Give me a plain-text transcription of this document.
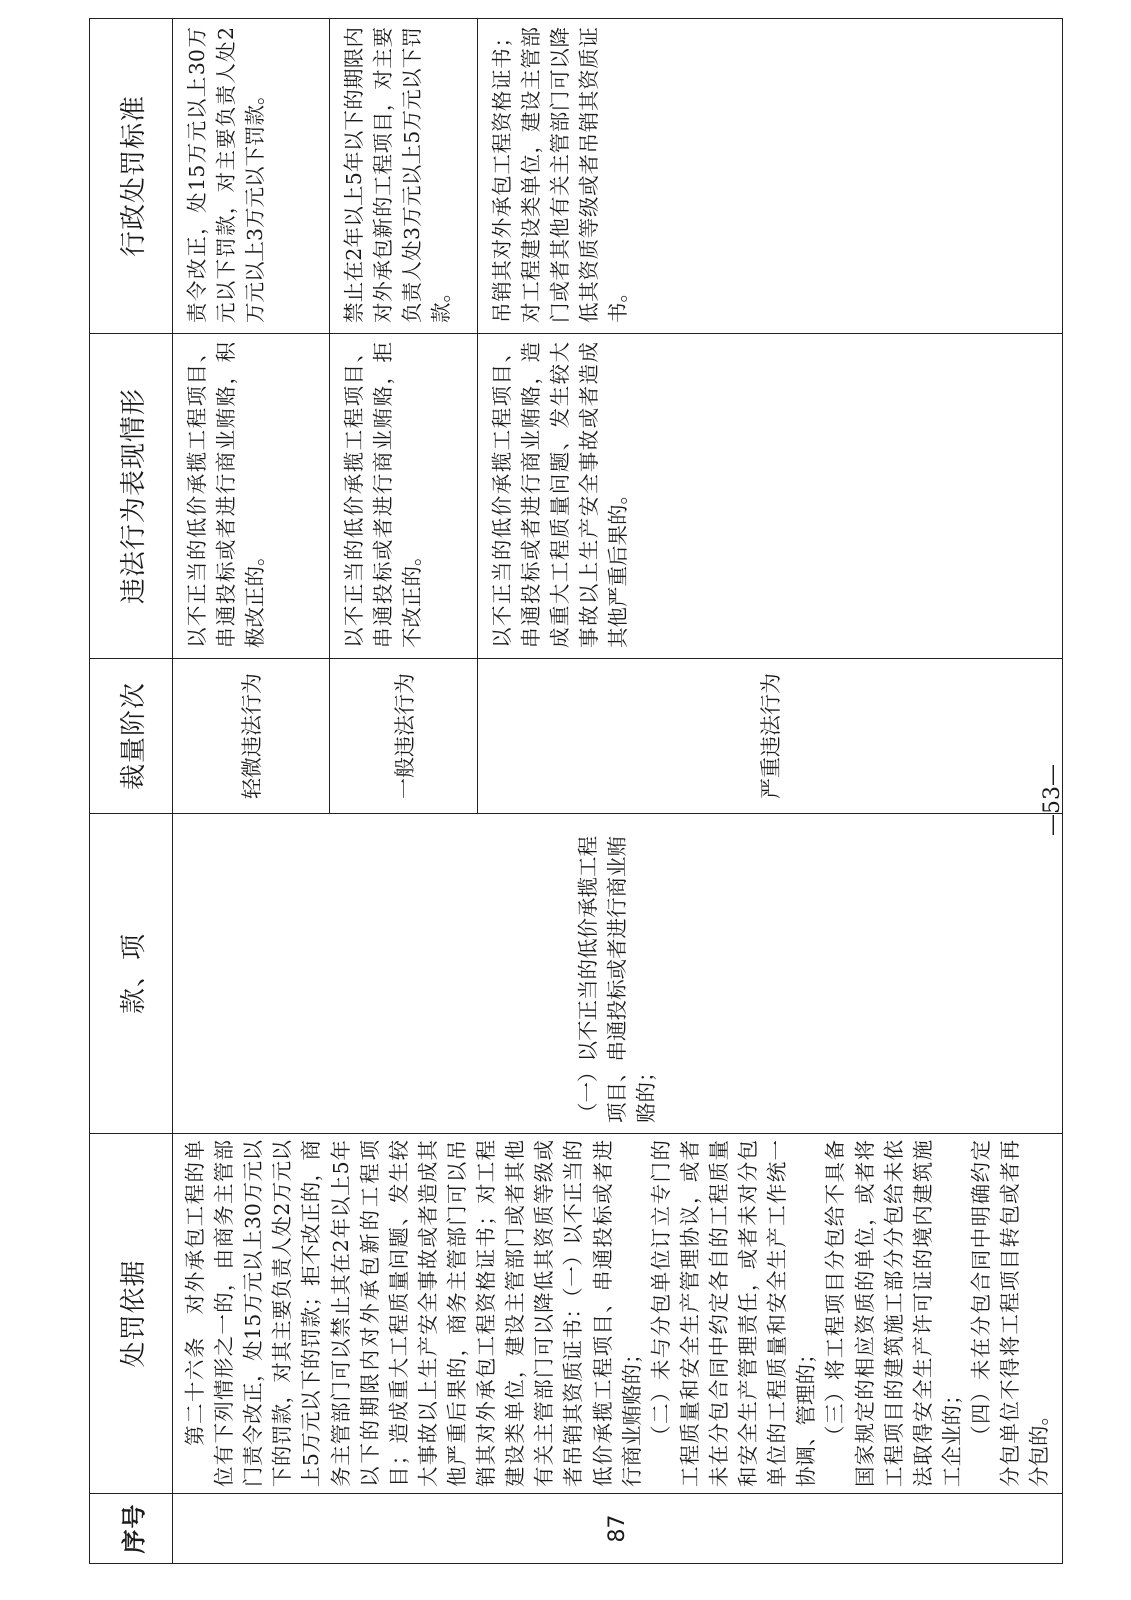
序号	处罚依据	款、项	裁量阶次	违法行为表现情形	行政处罚标准
87	第二十六条　对外承包工程的单位有下列情形之一的，由商务主管部门责令改正，处15万元以上30万元以下的罚款，对其主要负责人处2万元以上5万元以下的罚款；拒不改正的，商务主管部门可以禁止其在2年以上5年以下的期限内对外承包新的工程项目；造成重大工程质量问题、发生较大事故以上生产安全事故或者造成其他严重后果的，商务主管部门可以吊销其对外承包工程资格证书；对工程建设类单位，建设主管部门或者其他有关主管部门可以降低其资质等级或者吊销其资质证书：（一）以不正当的低价承揽工程项目、串通投标或者进行商业贿赂的； （二）未与分包单位订立专门的工程质量和安全生产管理协议，或者未在分包合同中约定各自的工程质量和安全生产管理责任，或者未对分包单位的工程质量和安全生产工作统一协调、管理的； （三）将工程项目分包给不具备国家规定的相应资质的单位，或者将工程项目的建筑施工部分分包给未依法取得安全生产许可证的境内建筑施工企业的； （四）未在分包合同中明确约定分包单位不得将工程项目转包或者再分包的。	（一）以不正当的低价承揽工程项目、串通投标或者进行商业贿赂的；	轻微违法行为	以不正当的低价承揽工程项目、串通投标或者进行商业贿赂，积极改正的。	责令改正，处15万元以上30万元以下罚款，对主要负责人处2万元以上3万元以下罚款。
			一般违法行为	以不正当的低价承揽工程项目、串通投标或者进行商业贿赂，拒不改正的。	禁止在2年以上5年以下的期限内对外承包新的工程项目，对主要负责人处3万元以上5万元以下罚款。
			严重违法行为	以不正当的低价承揽工程项目、串通投标或者进行商业贿赂，造成重大工程质量问题、发生较大事故以上生产安全事故或者造成其他严重后果的。	吊销其对外承包工程资格证书；对工程建设类单位，建设主管部门或者其他有关主管部门可以降低其资质等级或者吊销其资质证书。
—53—
